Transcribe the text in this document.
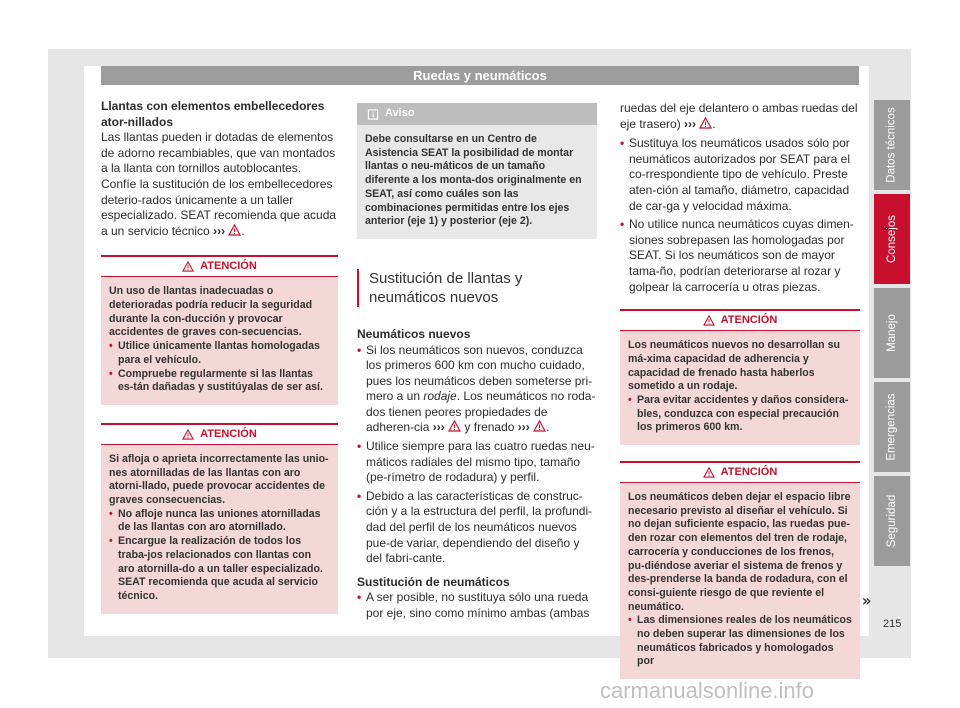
Ruedas y neumáticos
Llantas con elementos embellecedores ator-nillados
Las llantas pueden ir dotadas de elementos de adorno recambiables, que van montados a la llanta con tornillos autoblocantes. Confíe la sustitución de los embellecedores deterio-rados únicamente a un taller especializado. SEAT recomienda que acuda a un servicio técnico ››› .
ATENCIÓN
Un uso de llantas inadecuadas o deterioradas podría reducir la seguridad durante la con-ducción y provocar accidentes de graves con-secuencias.
• Utilice únicamente llantas homologadas para el vehículo.
• Compruebe regularmente si las llantas es-tán dañadas y sustitúyalas de ser así.
ATENCIÓN
Si afloja o aprieta incorrectamente las unio-nes atornilladas de las llantas con aro atorni-llado, puede provocar accidentes de graves consecuencias.
• No afloje nunca las uniones atornilladas de las llantas con aro atornillado.
• Encargue la realización de todos los traba-jos relacionados con llantas con aro atornilla-do a un taller especializado. SEAT recomienda que acuda al servicio técnico.
Aviso
Debe consultarse en un Centro de Asistencia SEAT la posibilidad de montar llantas o neu-máticos de un tamaño diferente a los monta-dos originalmente en SEAT, así como cuáles son las combinaciones permitidas entre los ejes anterior (eje 1) y posterior (eje 2).
Sustitución de llantas y neumáticos nuevos
Neumáticos nuevos
• Si los neumáticos son nuevos, conduzca los primeros 600 km con mucho cuidado, pues los neumáticos deben someterse pri-mero a un rodaje. Los neumáticos no roda-dos tienen peores propiedades de adheren-cia ››› y frenado ››› .
• Utilice siempre para las cuatro ruedas neu-máticos radiales del mismo tipo, tamaño (pe-rímetro de rodadura) y perfil.
• Debido a las características de construc-ción y a la estructura del perfil, la profundi-dad del perfil de los neumáticos nuevos pue-de variar, dependiendo del diseño y del fabri-cante.
Sustitución de neumáticos
• A ser posible, no sustituya sólo una rueda por eje, sino como mínimo ambas (ambas
ruedas del eje delantero o ambas ruedas del eje trasero) ››› .
• Sustituya los neumáticos usados sólo por neumáticos autorizados por SEAT para el co-rrespondiente tipo de vehículo. Preste aten-ción al tamaño, diámetro, capacidad de car-ga y velocidad máxima.
• No utilice nunca neumáticos cuyas dimen-siones sobrepasen las homologadas por SEAT. Si los neumáticos son de mayor tama-ño, podrían deteriorarse al rozar y golpear la carrocería u otras piezas.
ATENCIÓN
Los neumáticos nuevos no desarrollan su má-xima capacidad de adherencia y capacidad de frenado hasta haberlos sometido a un rodaje.
• Para evitar accidentes y daños considera-bles, conduzca con especial precaución los primeros 600 km.
ATENCIÓN
Los neumáticos deben dejar el espacio libre necesario previsto al diseñar el vehículo. Si no dejan suficiente espacio, las ruedas pue-den rozar con elementos del tren de rodaje, carrocería y conducciones de los frenos, pu-diéndose averiar el sistema de frenos y des-prenderse la banda de rodadura, con el consi-guiente riesgo de que reviente el neumático.
• Las dimensiones reales de los neumáticos no deben superar las dimensiones de los neumáticos fabricados y homologados por
»
Datos técnicos
Consejos
Manejo
Emergencias
Seguridad
215
carmanualsonline.info
